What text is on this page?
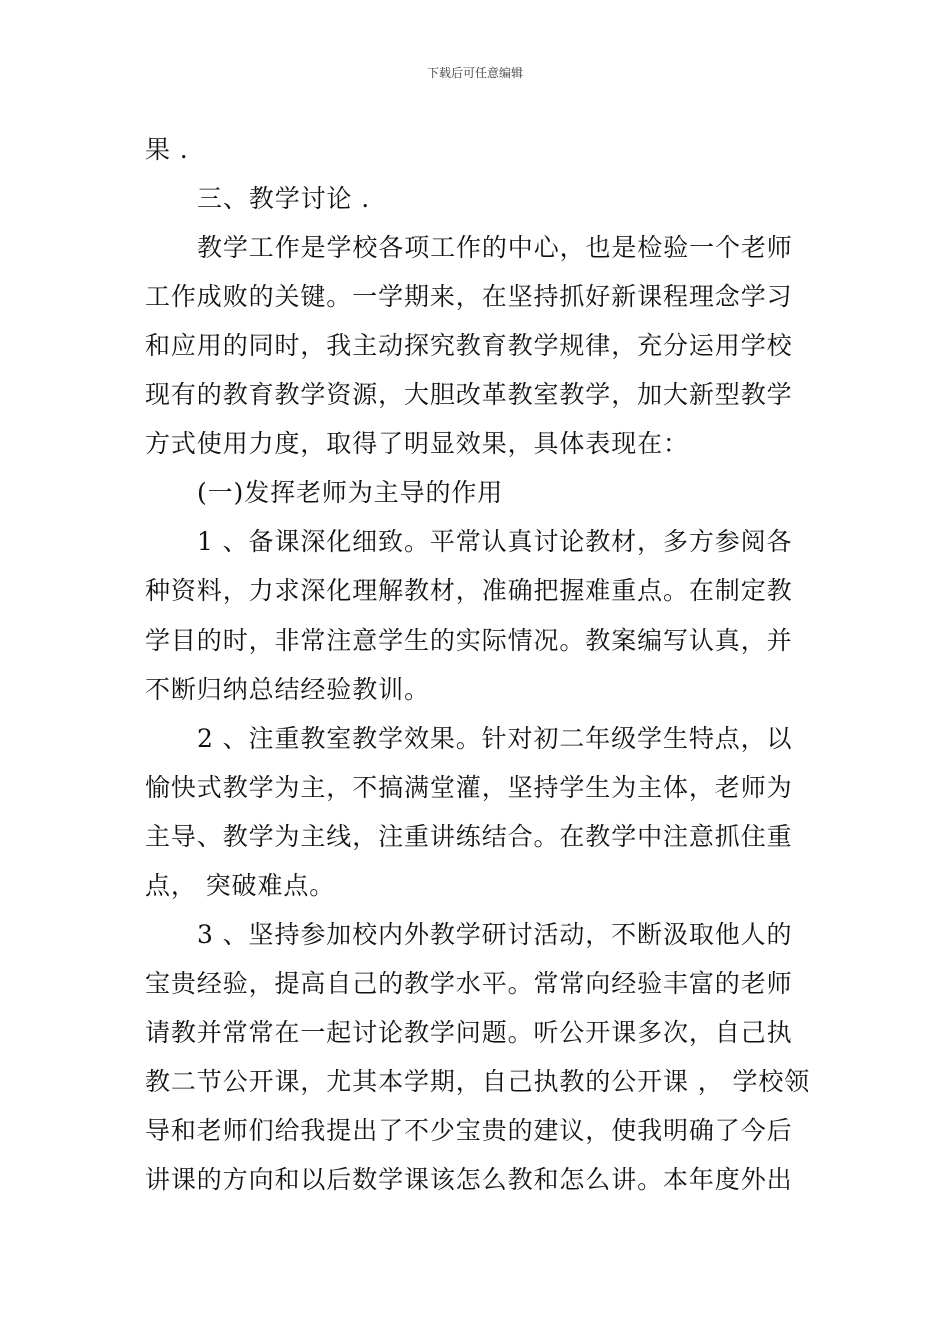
下载后可任意编辑
果 .
三、教学讨论 .
教学工作是学校各项工作的中心，也是检验一个老师
工作成败的关键。一学期来，在坚持抓好新课程理念学习
和应用的同时，我主动探究教育教学规律，充分运用学校
现有的教育教学资源，大胆改革教室教学，加大新型教学
方式使用力度，取得了明显效果，具体表现在：
(一)发挥老师为主导的作用
1 、备课深化细致。平常认真讨论教材，多方参阅各
种资料，力求深化理解教材，准确把握难重点。在制定教
学目的时，非常注意学生的实际情况。教案编写认真，并
不断归纳总结经验教训。
2 、注重教室教学效果。针对初二年级学生特点，以
愉快式教学为主，不搞满堂灌，坚持学生为主体，老师为
主导、教学为主线，注重讲练结合。在教学中注意抓住重
点， 突破难点。
3 、坚持参加校内外教学研讨活动，不断汲取他人的
宝贵经验，提高自己的教学水平。常常向经验丰富的老师
请教并常常在一起讨论教学问题。听公开课多次，自己执
教二节公开课，尤其本学期，自己执教的公开课 ， 学校领
导和老师们给我提出了不少宝贵的建议，使我明确了今后
讲课的方向和以后数学课该怎么教和怎么讲。本年度外出
